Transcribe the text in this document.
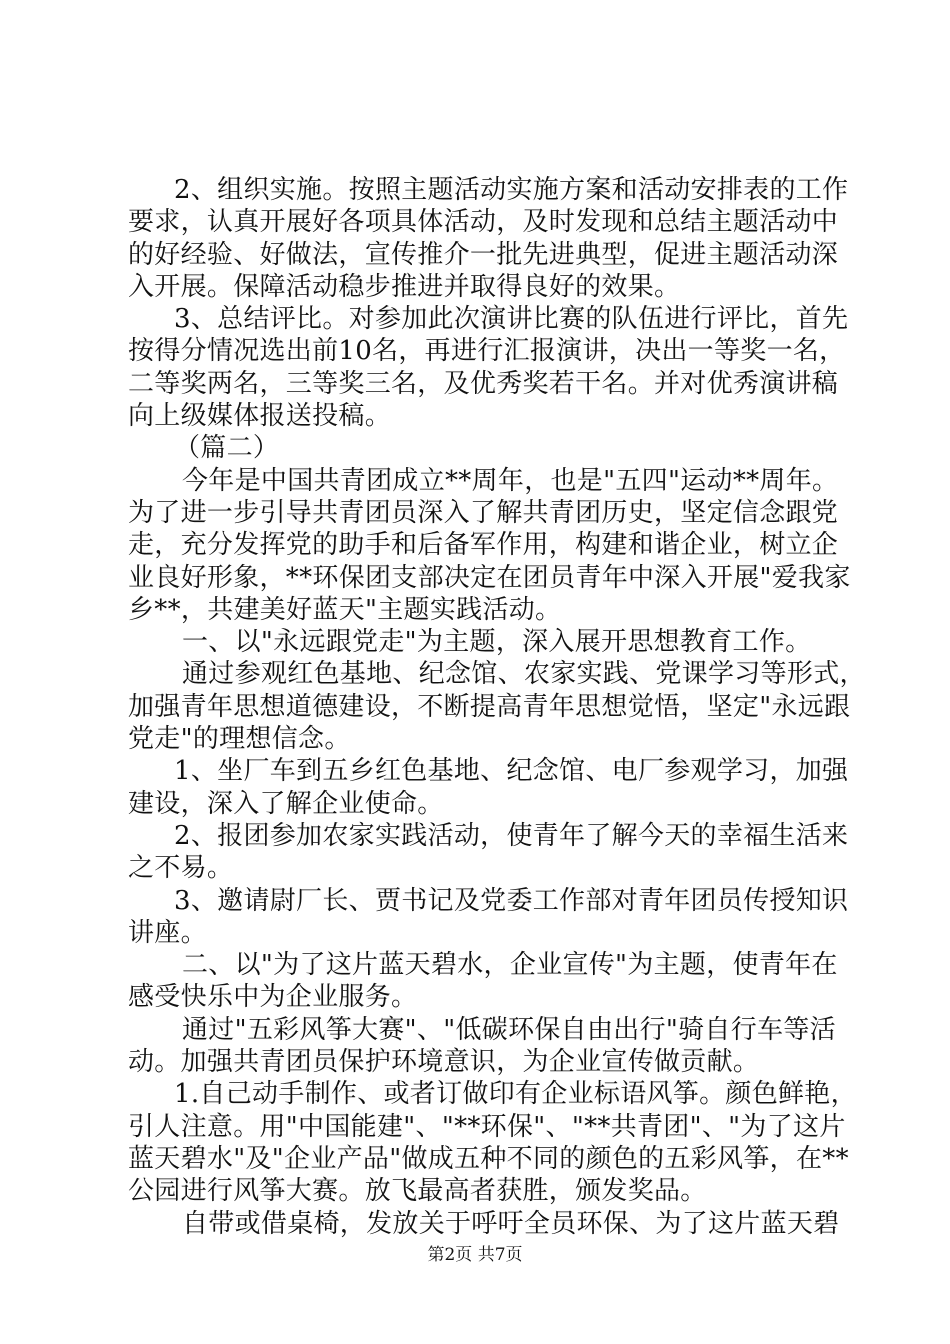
2、组织实施。按照主题活动实施方案和活动安排表的工作
要求，认真开展好各项具体活动，及时发现和总结主题活动中
的好经验、好做法，宣传推介一批先进典型，促进主题活动深
入开展。保障活动稳步推进并取得良好的效果。
3、总结评比。对参加此次演讲比赛的队伍进行评比，首先
按得分情况选出前10名，再进行汇报演讲，决出一等奖一名，
二等奖两名，三等奖三名，及优秀奖若干名。并对优秀演讲稿
向上级媒体报送投稿。
（篇二）
今年是中国共青团成立**周年，也是"五四"运动**周年。
为了进一步引导共青团员深入了解共青团历史，坚定信念跟党
走，充分发挥党的助手和后备军作用，构建和谐企业，树立企
业良好形象，**环保团支部决定在团员青年中深入开展"爱我家
乡**，共建美好蓝天"主题实践活动。
一、以"永远跟党走"为主题，深入展开思想教育工作。
通过参观红色基地、纪念馆、农家实践、党课学习等形式，
加强青年思想道德建设，不断提高青年思想觉悟，坚定"永远跟
党走"的理想信念。
1、坐厂车到五乡红色基地、纪念馆、电厂参观学习，加强
建设，深入了解企业使命。
2、报团参加农家实践活动，使青年了解今天的幸福生活来
之不易。
3、邀请尉厂长、贾书记及党委工作部对青年团员传授知识
讲座。
二、以"为了这片蓝天碧水，企业宣传"为主题，使青年在
感受快乐中为企业服务。
通过"五彩风筝大赛"、"低碳环保自由出行"骑自行车等活
动。加强共青团员保护环境意识，为企业宣传做贡献。
1.自己动手制作、或者订做印有企业标语风筝。颜色鲜艳，
引人注意。用"中国能建"、"**环保"、"**共青团"、"为了这片
蓝天碧水"及"企业产品"做成五种不同的颜色的五彩风筝，在**
公园进行风筝大赛。放飞最高者获胜，颁发奖品。
自带或借桌椅，发放关于呼吁全员环保、为了这片蓝天碧
第2页 共7页
